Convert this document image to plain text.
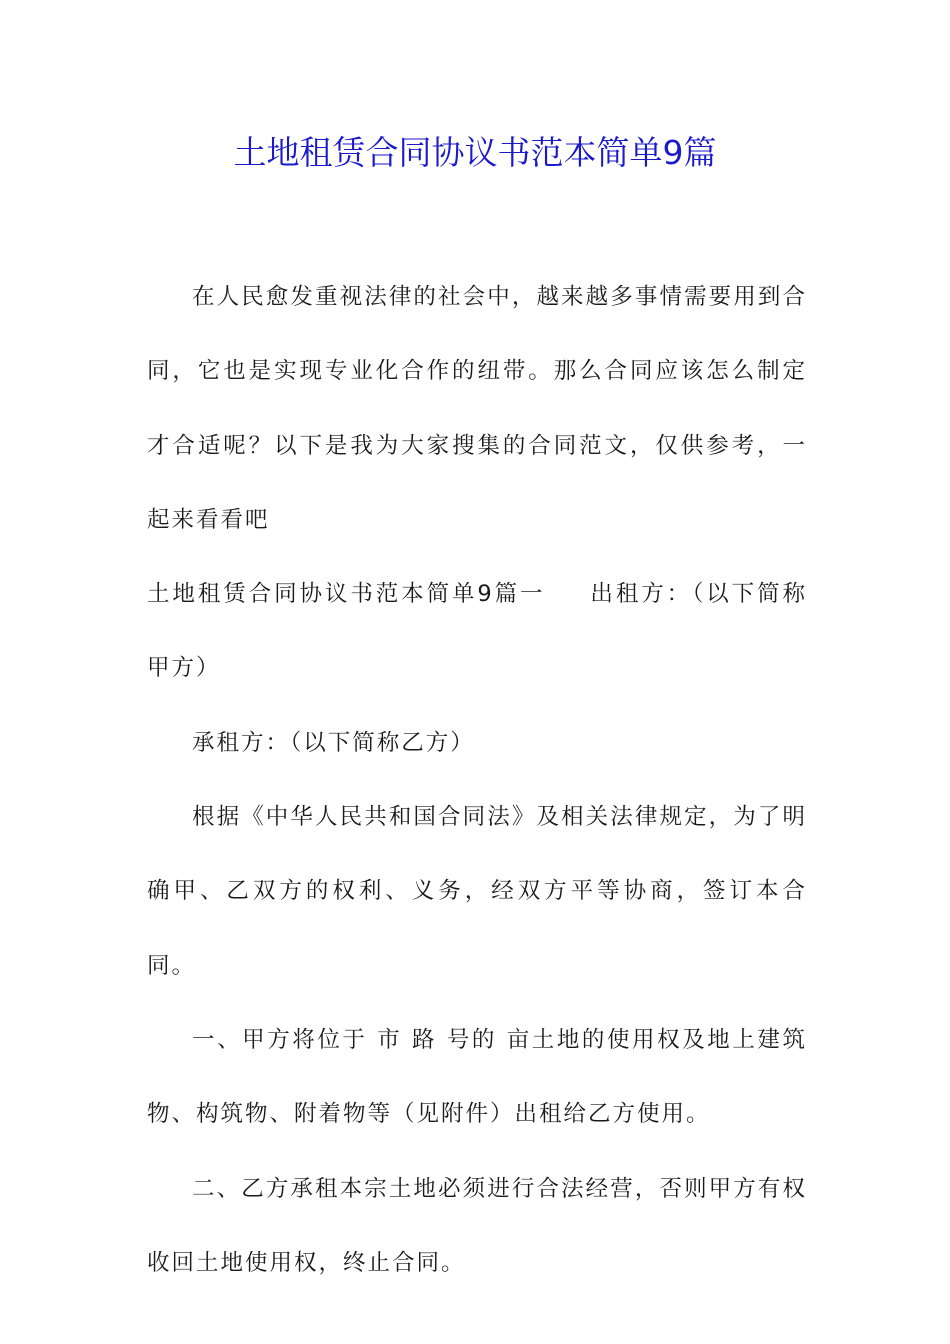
土地租赁合同协议书范本简单9篇

在人民愈发重视法律的社会中，越来越多事情需要用到合同，它也是实现专业化合作的纽带。那么合同应该怎么制定才合适呢？以下是我为大家搜集的合同范文，仅供参考，一起来看看吧

土地租赁合同协议书范本简单9篇一 出租方：（以下简称甲方）

承租方：（以下简称乙方）

根据《中华人民共和国合同法》及相关法律规定，为了明确甲、乙双方的权利、义务，经双方平等协商，签订本合同。

一、甲方将位于 市 路 号的 亩土地的使用权及地上建筑物、构筑物、附着物等（见附件）出租给乙方使用。

二、乙方承租本宗土地必须进行合法经营，否则甲方有权收回土地使用权，终止合同。
